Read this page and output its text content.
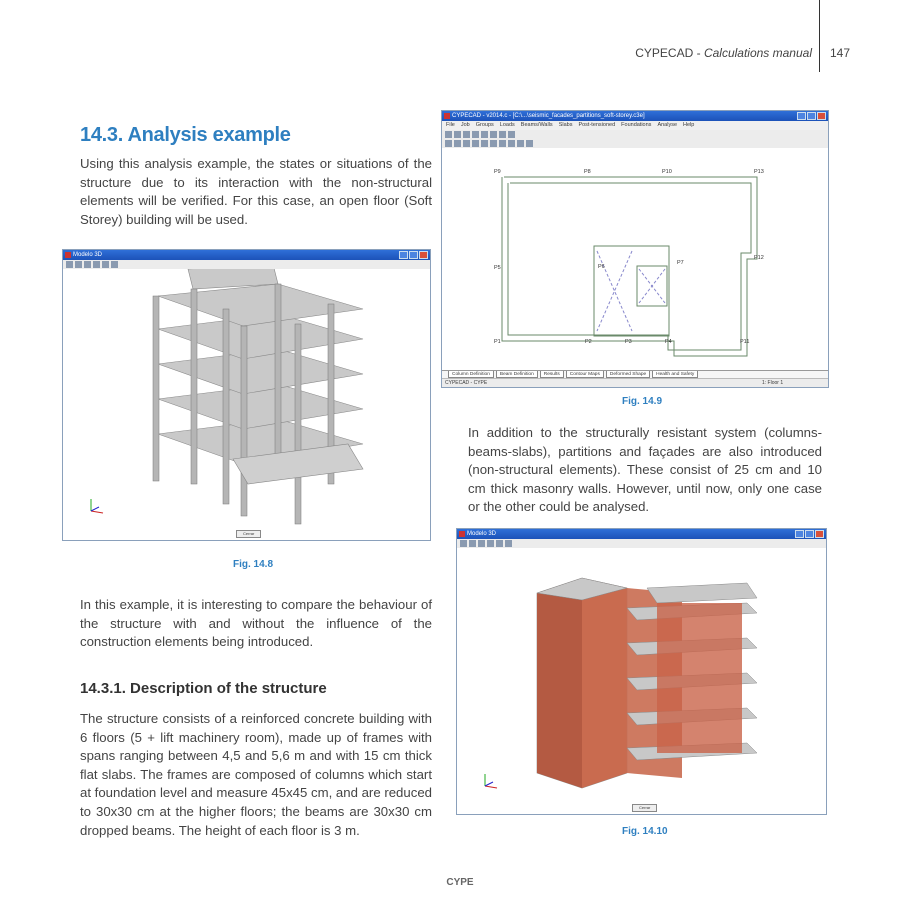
CYPECAD - Calculations manual 147
14.3. Analysis example
Using this analysis example, the states or situations of the structure due to its interaction with the non-structural elements will be verified. For this case, an open floor (Soft Storey) building will be used.
Modelo 3D
Cerrar
Fig. 14.8
In this example, it is interesting to compare the behaviour of the structure with and without the influence of the construction elements being introduced.
14.3.1. Description of the structure
The structure consists of a reinforced concrete building with 6 floors (5 + lift machinery room), made up of frames with spans ranging between 4,5 and 5,6 m and with 15 cm thick flat slabs. The frames are composed of columns which start at foundation level and measure 45x45 cm, and are reduced to 30x30 cm at the higher floors; the beams are 30x30 cm dropped beams. The height of each floor is 3 m.
CYPECAD - v2014.c - [C:\...\seismic_facades_partitions_soft-storey.c3e]
File Job Groups Loads Beams/Walls Slabs Post-tensioned Foundations Analyse Help
P9	P8	P10	P13
P5
P12
P7
P6
P1	P2	P3	P4	P11
Column Definition	Beam Definition	Results	Contour Maps	Deformed Shape	Health and Safety
CYPECAD - CYPE	1: Floor 1
Fig. 14.9
In addition to the structurally resistant system (columns-beams-slabs), partitions and façades are also introduced (non-structural elements). These consist of 25 cm and 10 cm thick masonry walls. However, until now, only one case or the other could be analysed.
Modelo 3D
Cerrar
Fig. 14.10
CYPE
